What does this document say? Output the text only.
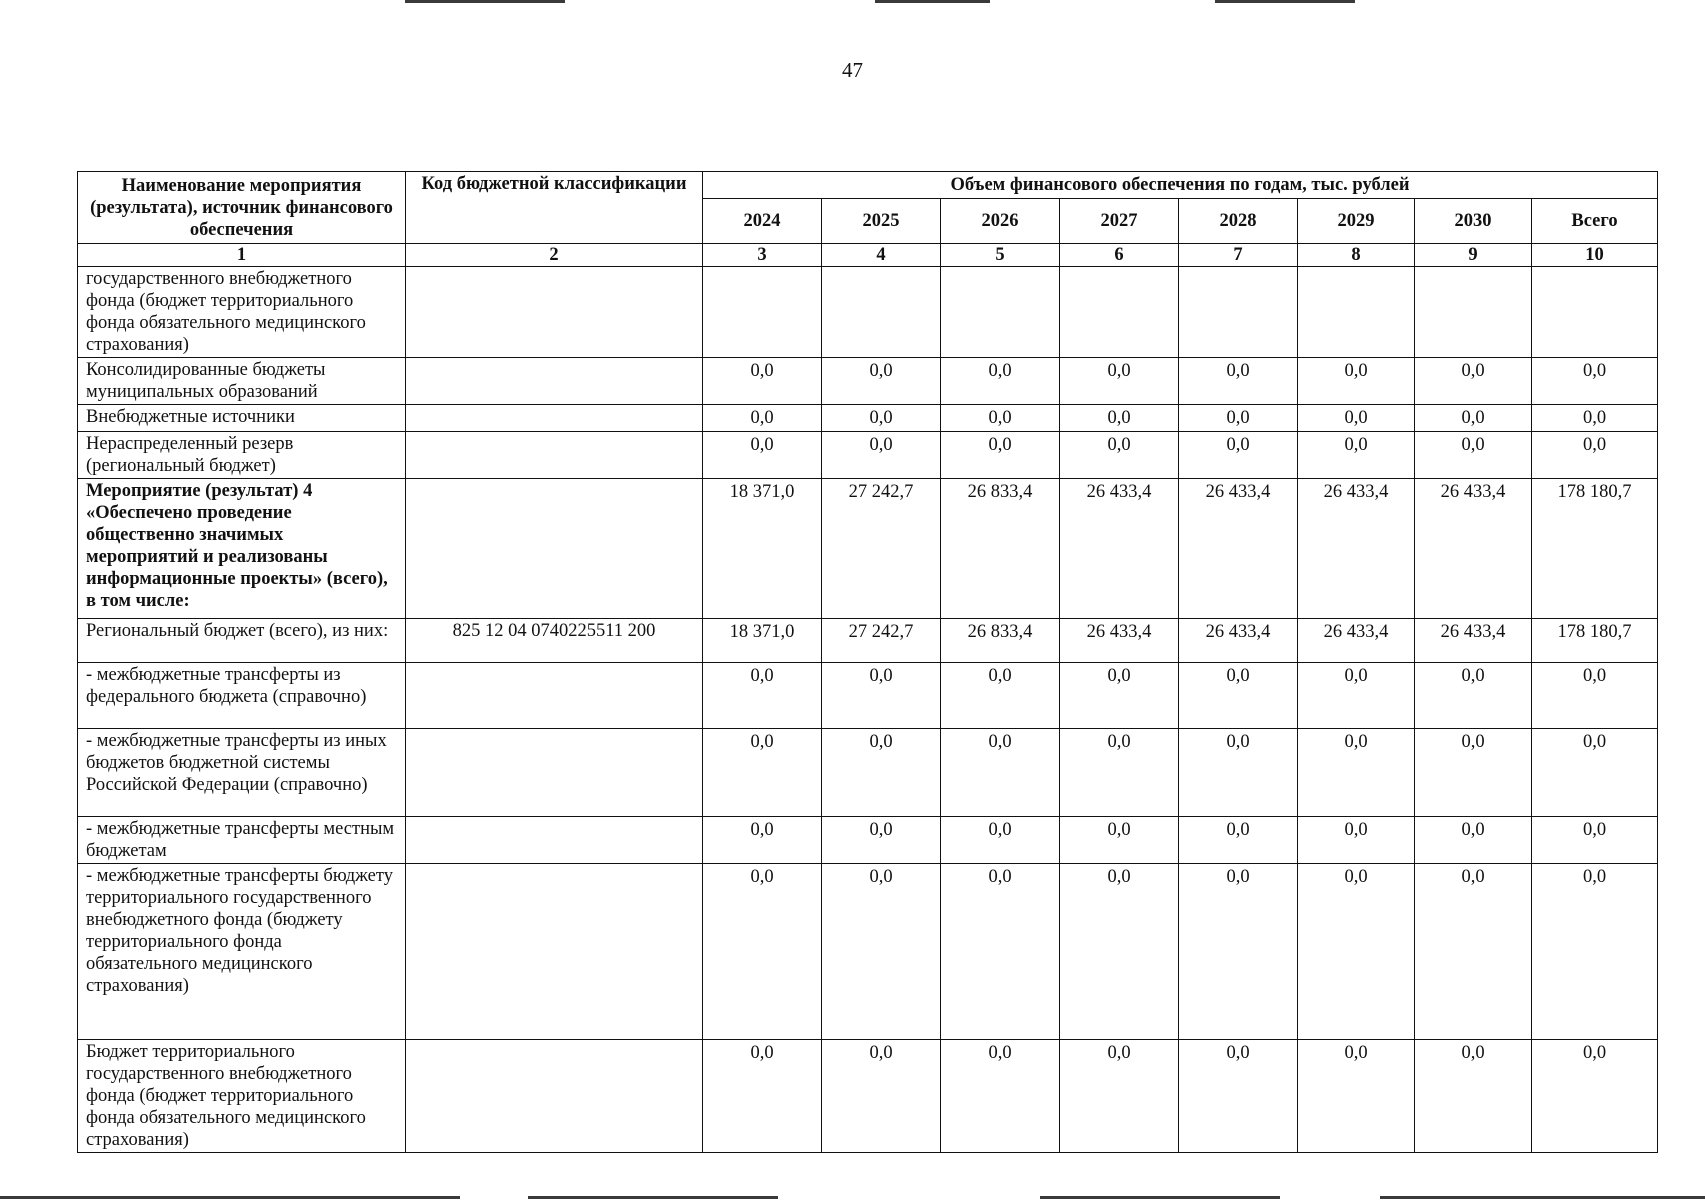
47
Наименование мероприятия (результата), источник финансового обеспечения	Код бюджетной классификации	Объем финансового обеспечения по годам, тыс. рублей							
		2024	2025	2026	2027	2028	2029	2030	Всего
1	2	3	4	5	6	7	8	9	10
государственного внебюджетного фонда (бюджет территориального фонда обязательного медицинского страхования)									
Консолидированные бюджеты муниципальных образований		0,0	0,0	0,0	0,0	0,0	0,0	0,0	0,0
Внебюджетные источники		0,0	0,0	0,0	0,0	0,0	0,0	0,0	0,0
Нераспределенный резерв (региональный бюджет)		0,0	0,0	0,0	0,0	0,0	0,0	0,0	0,0
Мероприятие (результат) 4 «Обеспечено проведение общественно значимых мероприятий и реализованы информационные проекты» (всего), в том числе:		18 371,0	27 242,7	26 833,4	26 433,4	26 433,4	26 433,4	26 433,4	178 180,7
Региональный бюджет (всего), из них:	825 12 04 0740225511 200	18 371,0	27 242,7	26 833,4	26 433,4	26 433,4	26 433,4	26 433,4	178 180,7
- межбюджетные трансферты из федерального бюджета (справочно)		0,0	0,0	0,0	0,0	0,0	0,0	0,0	0,0
- межбюджетные трансферты из иных бюджетов бюджетной системы Российской Федерации (справочно)		0,0	0,0	0,0	0,0	0,0	0,0	0,0	0,0
- межбюджетные трансферты местным бюджетам		0,0	0,0	0,0	0,0	0,0	0,0	0,0	0,0
- межбюджетные трансферты бюджету территориального государственного внебюджетного фонда (бюджету территориального фонда обязательного медицинского страхования)		0,0	0,0	0,0	0,0	0,0	0,0	0,0	0,0
Бюджет территориального государственного внебюджетного фонда (бюджет территориального фонда обязательного медицинского страхования)		0,0	0,0	0,0	0,0	0,0	0,0	0,0	0,0
